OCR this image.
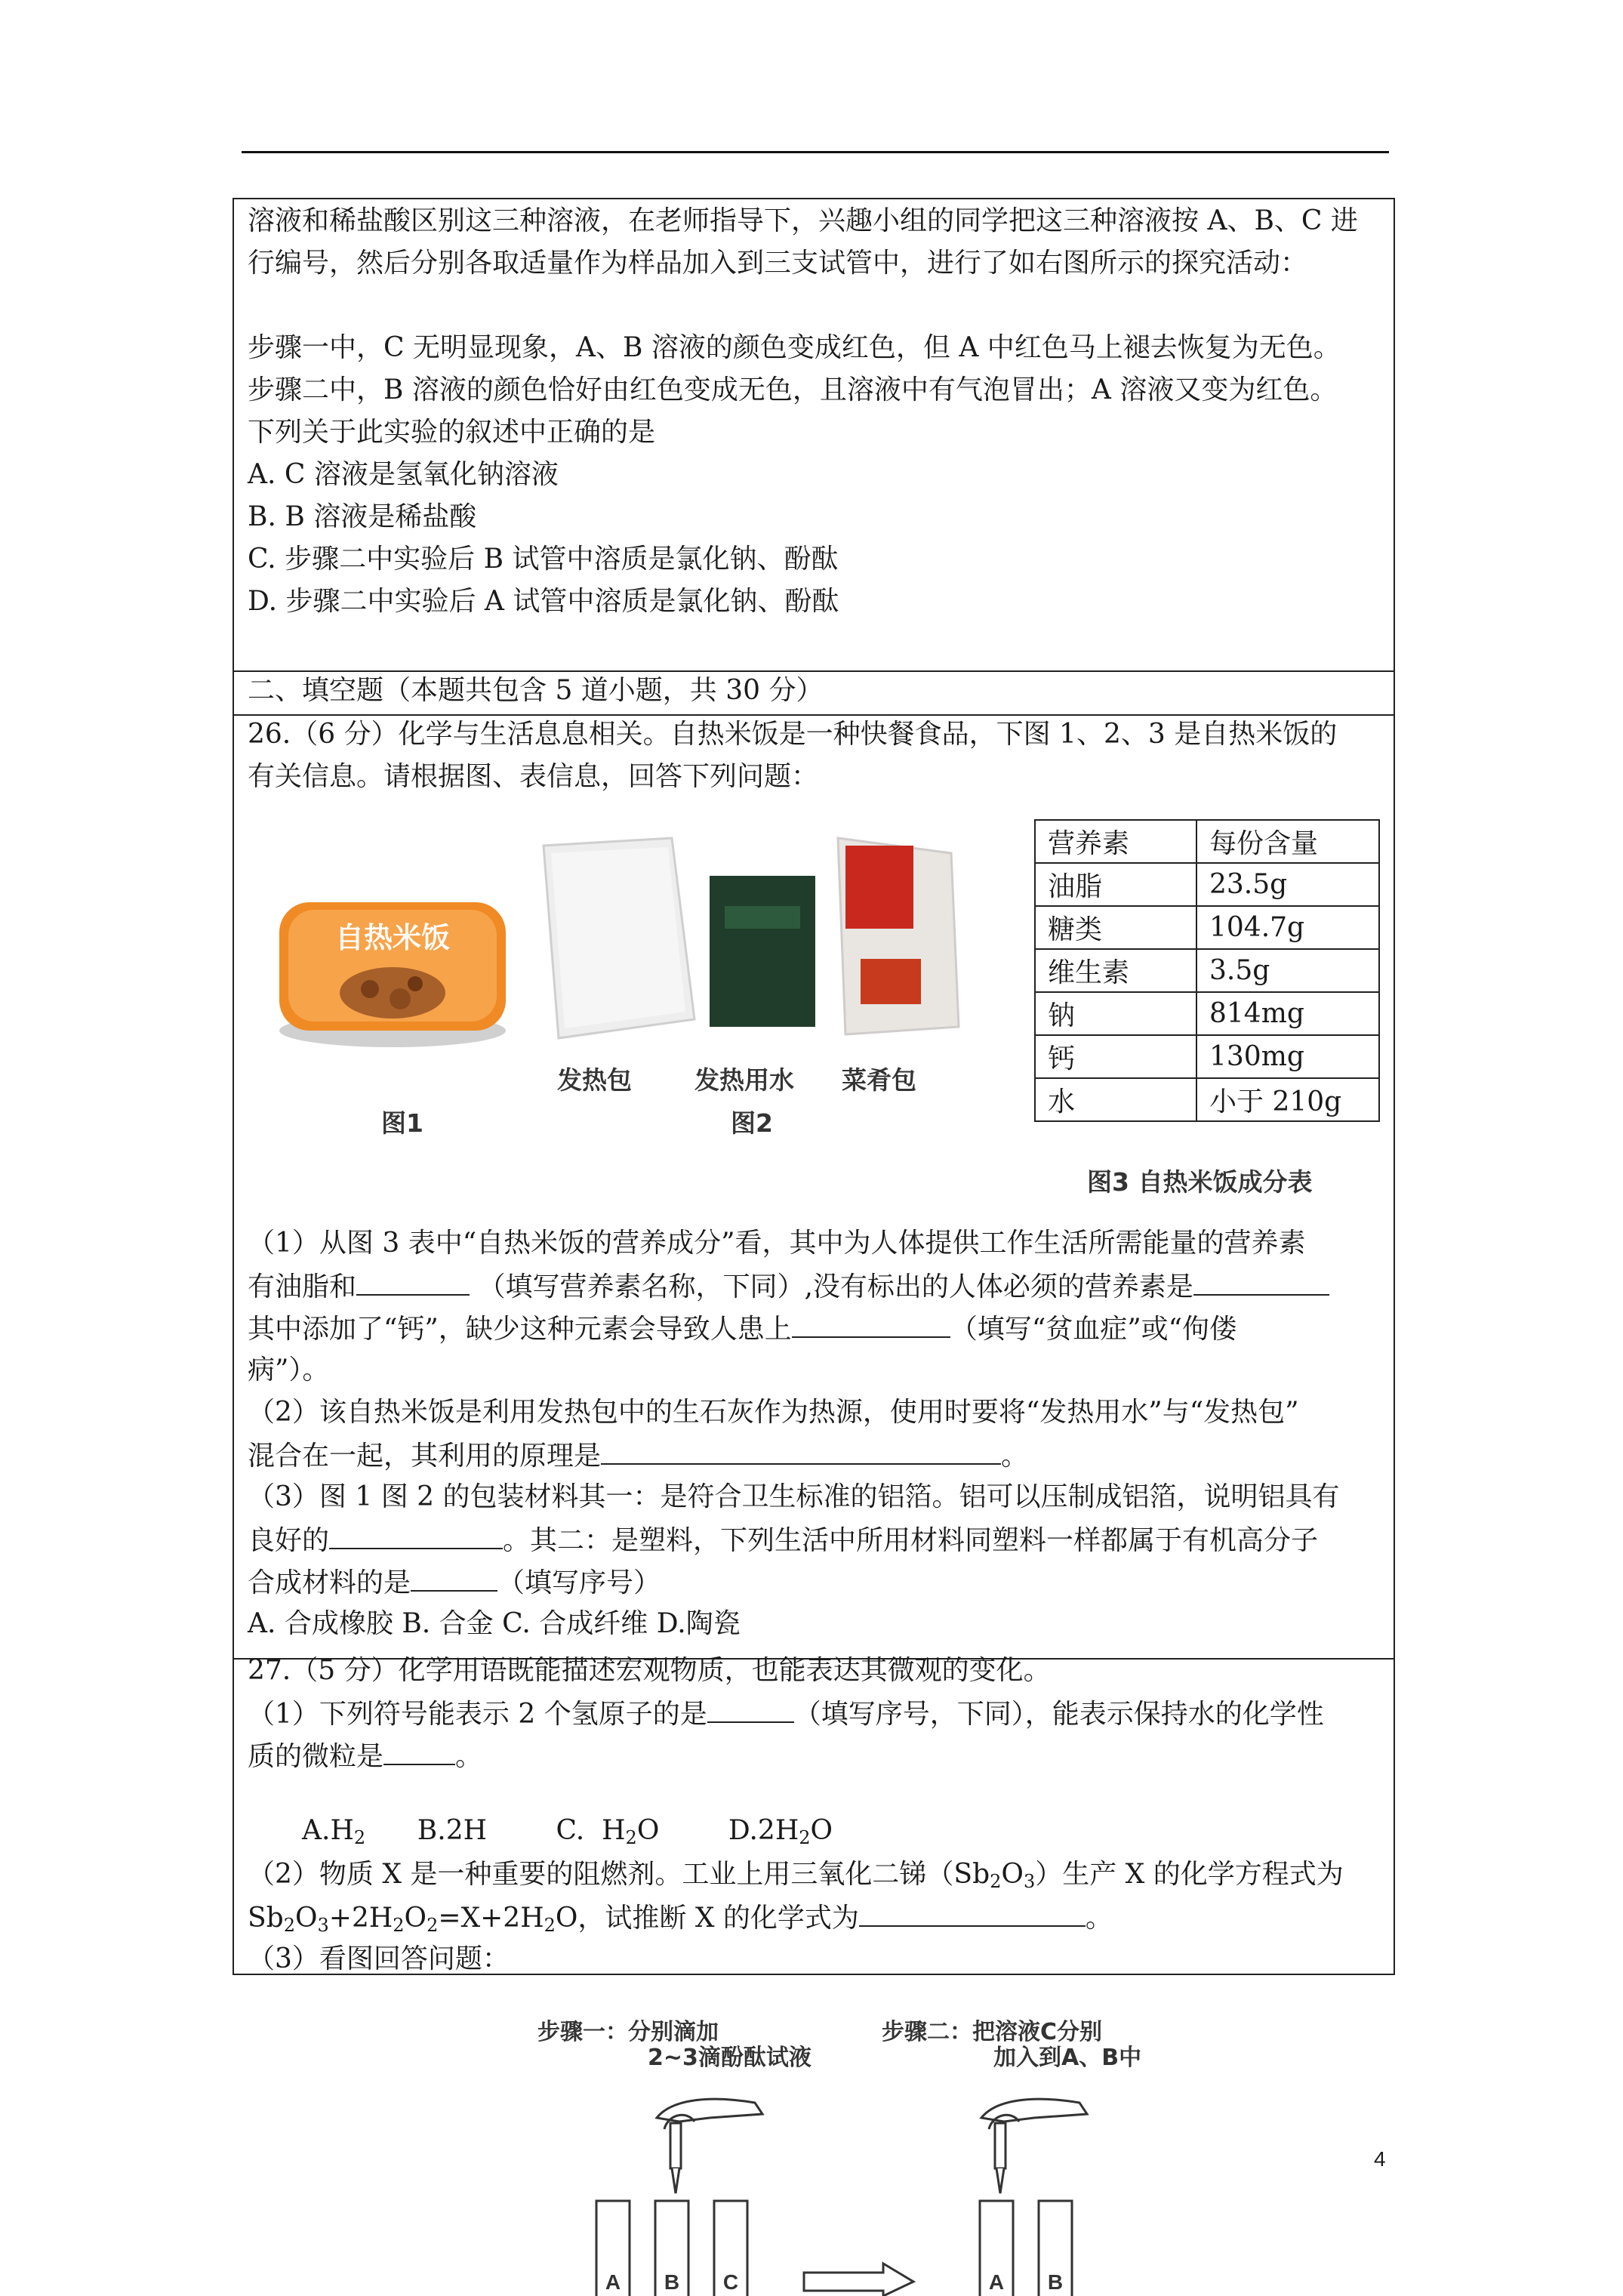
溶液和稀盐酸区别这三种溶液，在老师指导下，兴趣小组的同学把这三种溶液按 A、B、C 进
行编号，然后分别各取适量作为样品加入到三支试管中，进行了如右图所示的探究活动：
步骤一中，C 无明显现象，A、B 溶液的颜色变成红色，但 A 中红色马上褪去恢复为无色。
步骤二中，B 溶液的颜色恰好由红色变成无色，且溶液中有气泡冒出；A 溶液又变为红色。
下列关于此实验的叙述中正确的是
A. C 溶液是氢氧化钠溶液
B. B 溶液是稀盐酸
C. 步骤二中实验后 B 试管中溶质是氯化钠、酚酞
D. 步骤二中实验后 A 试管中溶质是氯化钠、酚酞
二、填空题（本题共包含 5 道小题，共 30 分）
26.（6 分）化学与生活息息相关。自热米饭是一种快餐食品，下图 1、2、3 是自热米饭的
有关信息。请根据图、表信息，回答下列问题：
自热米饭
图1
发热包	发热用水 菜肴包
图2
营养素	每份含量
油脂	23.5g
糖类	104.7g
维生素	3.5g
钠	814mg
钙	130mg
水	小于 210g
图3 自热米饭成分表
（1）从图 3 表中“自热米饭的营养成分”看，其中为人体提供工作生活所需能量的营养素
有油脂和	（填写营养素名称，下同）,没有标出的人体必须的营养素是
其中添加了“钙”，缺少这种元素会导致人患上	（填写“贫血症”或“佝偻
病”）。
（2）该自热米饭是利用发热包中的生石灰作为热源，使用时要将“发热用水”与“发热包”
混合在一起，其利用的原理是	。
（3）图 1 图 2 的包装材料其一：是符合卫生标准的铝箔。铝可以压制成铝箔，说明铝具有
良好的	。其二：是塑料，下列生活中所用材料同塑料一样都属于有机高分子
合成材料的是	（填写序号）
A. 合成橡胶 B. 合金 C. 合成纤维 D.陶瓷
27.（5 分）化学用语既能描述宏观物质，也能表达其微观的变化。
（1）下列符号能表示 2 个氢原子的是	（填写序号，下同），能表示保持水的化学性
质的微粒是	。
$A.H_2$ B.2H	C.  $H_2O$	$D.2H_2O$
（2）物质 X 是一种重要的阻燃剂。工业上用三氧化二锑$(Sb_2O_3)$生产 X 的化学方程式为
$Sb_2O_3+2H_2O_2=X+2H_2O$，试推断 X 的化学式为	。
（3）看图回答问题：
步骤一：分别滴加
2~3滴酚酞试液
步骤二：把溶液C分别
加入到A、B中
A B C	A B
4
